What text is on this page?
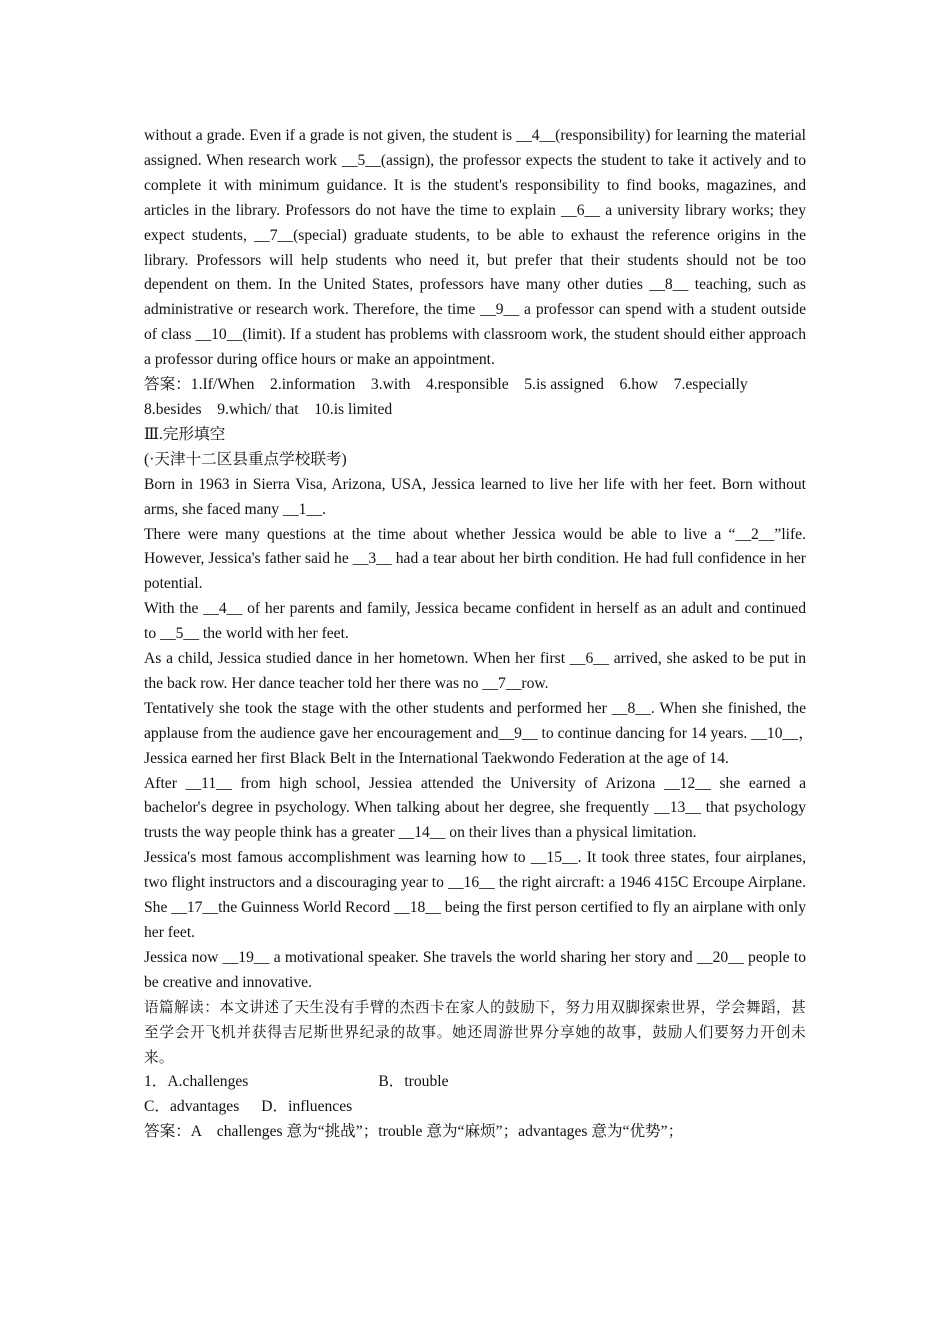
without a grade. Even if a grade is not given, the student is __4__(responsibility) for learning the material assigned. When research work __5__(assign), the professor expects the student to take it actively and to complete it with minimum guidance. It is the student's responsibility to find books, magazines, and articles in the library. Professors do not have the time to explain __6__ a university library works; they expect students, __7__(special) graduate students, to be able to exhaust the reference origins in the library. Professors will help students who need it, but prefer that their students should not be too dependent on them. In the United States, professors have many other duties __8__ teaching, such as administrative or research work. Therefore, the time __9__ a professor can spend with a student outside of class __10__(limit). If a student has problems with classroom work, the student should either approach a professor during office hours or make an appointment.

答案：1.If/When　2.information　3.with　4.responsible　5.is assigned　6.how　7.especially
8.besides　9.which/ that　10.is limited

Ⅲ.完形填空

(·天津十二区县重点学校联考)

Born in 1963 in Sierra Visa, Arizona, USA, Jessica learned to live her life with her feet. Born without arms, she faced many __1__.

There were many questions at the time about whether Jessica would be able to live a “__2__”life. However, Jessica's father said he __3__ had a tear about her birth condition. He had full confidence in her potential.

With the __4__ of her parents and family, Jessica became confident in herself as an adult and continued to __5__ the world with her feet.

As a child, Jessica studied dance in her hometown. When her first __6__ arrived, she asked to be put in the back row. Her dance teacher told her there was no __7__row.

Tentatively she took the stage with the other students and performed her __8__. When she finished, the applause from the audience gave her encouragement and__9__ to continue dancing for 14 years. __10__，　Jessica earned her first Black Belt in the International Taekwondo Federation at the age of 14.

After __11__ from high school, Jessiea attended the University of Arizona __12__ she earned a bachelor's degree in psychology. When talking about her degree, she frequently __13__ that psychology trusts the way people think has a greater __14__ on their lives than a physical limitation.

Jessica's most famous accomplishment was learning how to __15__. It took three states, four airplanes, two flight instructors and a discouraging year to __16__ the right aircraft: a 1946 415C Ercoupe Airplane. She __17__the Guinness World Record __18__ being the first person certified to fly an airplane with only her feet.

Jessica now __19__ a motivational speaker. She travels the world sharing her story and __20__ people to be creative and innovative.

语篇解读：本文讲述了天生没有手臂的杰西卡在家人的鼓励下，努力用双脚探索世界，学会舞蹈，甚至学会开飞机并获得吉尼斯世界纪录的故事。她还周游世界分享她的故事，鼓励人们要努力开创未来。

1．A.challenges	B．trouble

C．advantages D．influences

答案：A　challenges 意为“挑战”；trouble 意为“麻烦”；advantages 意为“优势”；
